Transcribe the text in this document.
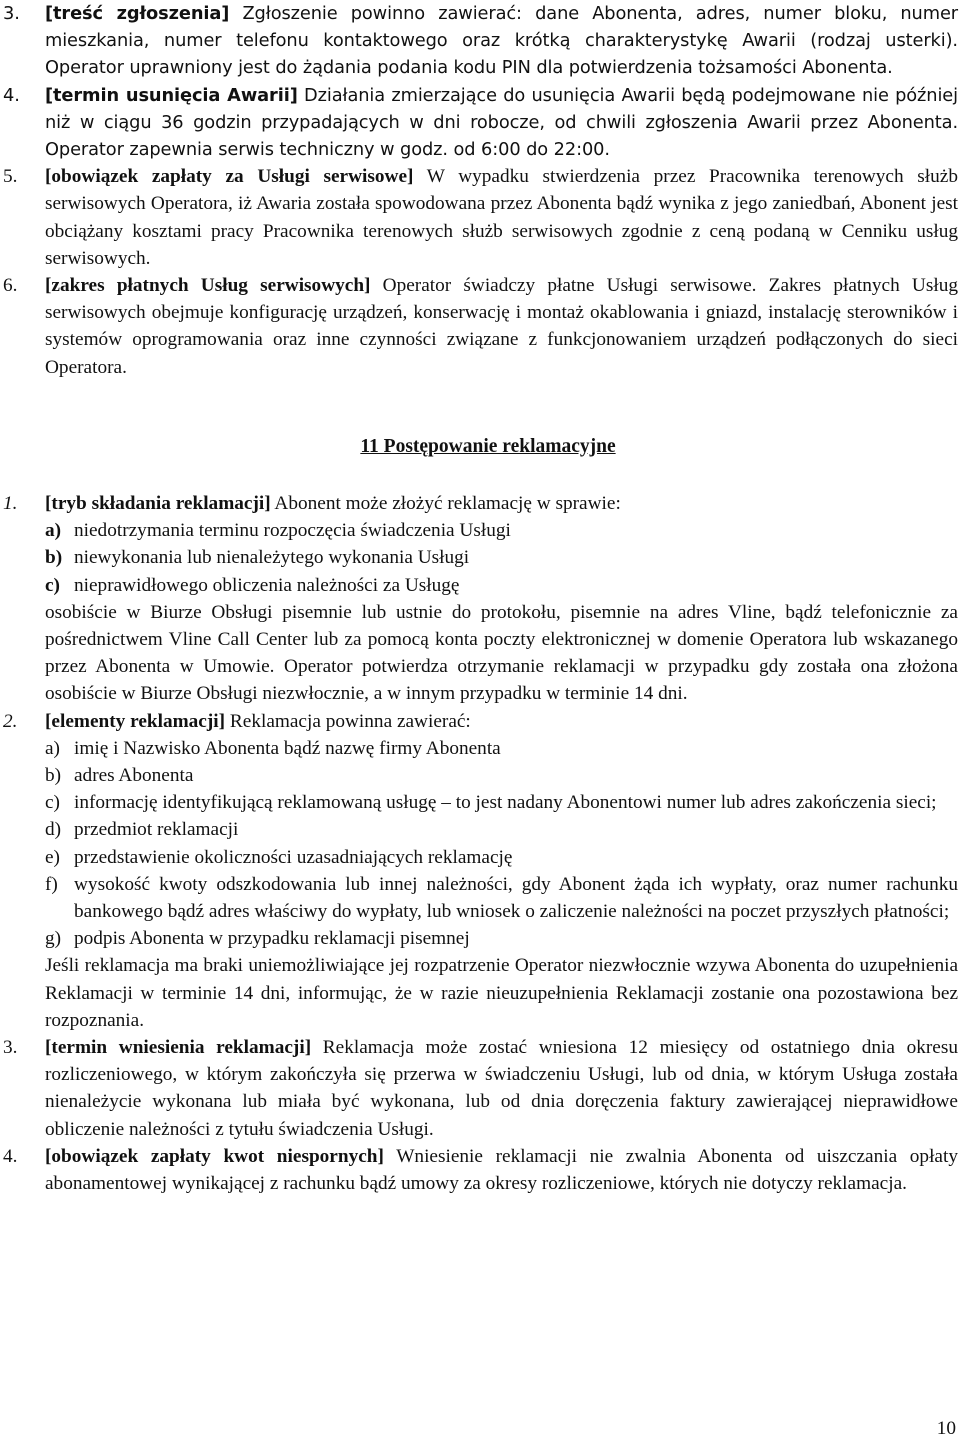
3. [treść zgłoszenia] Zgłoszenie powinno zawierać: dane Abonenta, adres, numer bloku, numer mieszkania, numer telefonu kontaktowego oraz krótką charakterystykę Awarii (rodzaj usterki). Operator uprawniony jest do żądania podania kodu PIN dla potwierdzenia tożsamości Abonenta.

4. [termin usunięcia Awarii] Działania zmierzające do usunięcia Awarii będą podejmowane nie później niż w ciągu 36 godzin przypadających w dni robocze, od chwili zgłoszenia Awarii przez Abonenta. Operator zapewnia serwis techniczny w godz. od 6:00 do 22:00.

5. [obowiązek zapłaty za Usługi serwisowe] W wypadku stwierdzenia przez Pracownika terenowych służb serwisowych Operatora, iż Awaria została spowodowana przez Abonenta bądź wynika z jego zaniedbań, Abonent jest obciążany kosztami pracy Pracownika terenowych służb serwisowych zgodnie z ceną podaną w Cenniku usług serwisowych.

6. [zakres płatnych Usług serwisowych] Operator świadczy płatne Usługi serwisowe. Zakres płatnych Usług serwisowych obejmuje konfigurację urządzeń, konserwację i montaż okablowania i gniazd, instalację sterowników i systemów oprogramowania oraz inne czynności związane z funkcjonowaniem urządzeń podłączonych do sieci Operatora.

11 Postępowanie reklamacyjne
1. [tryb składania reklamacji] Abonent może złożyć reklamację w sprawie:
a) niedotrzymania terminu rozpoczęcia świadczenia Usługi
b) niewykonania lub nienależytego wykonania Usługi
c) nieprawidłowego obliczenia należności za Usługę
osobiście w Biurze Obsługi pisemnie lub ustnie do protokołu, pisemnie na adres Vline, bądź telefonicznie za pośrednictwem Vline Call Center lub za pomocą konta poczty elektronicznej w domenie Operatora lub wskazanego przez Abonenta w Umowie. Operator potwierdza otrzymanie reklamacji w przypadku gdy została ona złożona osobiście w Biurze Obsługi niezwłocznie, a w innym przypadku w terminie 14 dni.
2. [elementy reklamacji] Reklamacja powinna zawierać:
a) imię i Nazwisko Abonenta bądź nazwę firmy Abonenta
b) adres Abonenta
c) informację identyfikującą reklamowaną usługę – to jest nadany Abonentowi numer lub adres zakończenia sieci;
d) przedmiot reklamacji
e) przedstawienie okoliczności uzasadniających reklamację
f) wysokość kwoty odszkodowania lub innej należności, gdy Abonent żąda ich wypłaty, oraz numer rachunku bankowego bądź adres właściwy do wypłaty, lub wniosek o zaliczenie należności na poczet przyszłych płatności;
g) podpis Abonenta w przypadku reklamacji pisemnej
Jeśli reklamacja ma braki uniemożliwiające jej rozpatrzenie Operator niezwłocznie wzywa Abonenta do uzupełnienia Reklamacji w terminie 14 dni, informując, że w razie nieuzupełnienia Reklamacji zostanie ona pozostawiona bez rozpoznania.

3. [termin wniesienia reklamacji] Reklamacja może zostać wniesiona 12 miesięcy od ostatniego dnia okresu rozliczeniowego, w którym zakończyła się przerwa w świadczeniu Usługi, lub od dnia, w którym Usługa została nienależycie wykonana lub miała być wykonana, lub od dnia doręczenia faktury zawierającej nieprawidłowe obliczenie należności z tytułu świadczenia Usługi.

4. [obowiązek zapłaty kwot niespornych] Wniesienie reklamacji nie zwalnia Abonenta od uiszczania opłaty abonamentowej wynikającej z rachunku bądź umowy za okresy rozliczeniowe, których nie dotyczy reklamacja.

10
